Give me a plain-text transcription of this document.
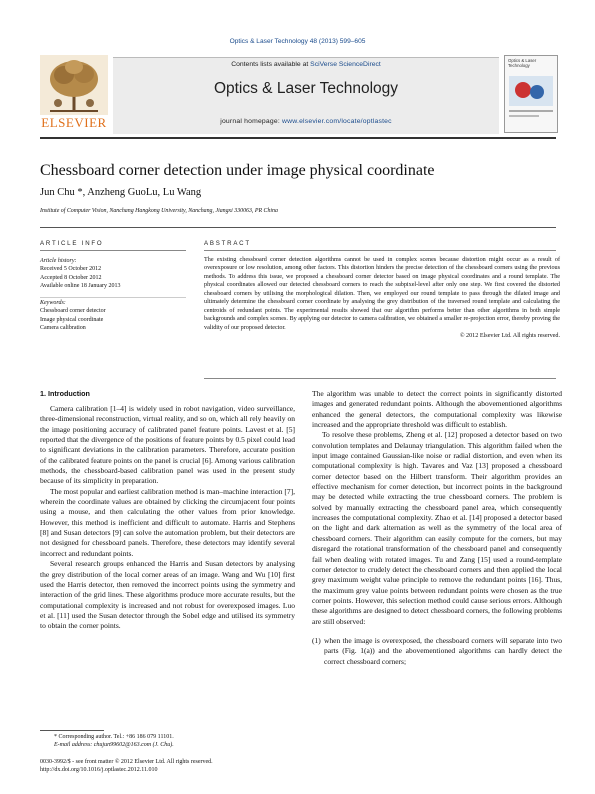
Optics & Laser Technology 48 (2013) 599–605
ELSEVIER
Contents lists available at SciVerse ScienceDirect
Optics & Laser Technology
journal homepage: www.elsevier.com/locate/optlastec
Optics & Laser Technology
Chessboard corner detection under image physical coordinate
Jun Chu *, Anzheng GuoLu, Lu Wang
Institute of Computer Vision, Nanchang Hangkong University, Nanchang, Jiangxi 330063, PR China
ARTICLE INFO
Article history:
Received 5 October 2012
Accepted 8 October 2012
Available online 18 January 2013
Keywords:
Chessboard corner detector
Image physical coordinate
Camera calibration
ABSTRACT
The existing chessboard corner detection algorithms cannot be used in complex scenes because distortion might occur as a result of overexposure or low resolution, among other factors. This distortion hinders the precise detection of the chessboard corners using the previous methods. To address this issue, we proposed a chessboard corner detector based on image physical coordinates and a round template. The physical coordinates allowed our detected chessboard corners to reach the subpixel-level after only one step. We first covered the distorted chessboard corners by utilising the morphological dilation. Then, we employed our round template to pass through the dilated image and ultimately determine the chessboard corner coordinate by analysing the grey distribution of the traversed round template and calculating the centroids of redundant points. The experimental results showed that our algorithm performs better than other algorithms in both simple backgrounds and complex scenes. By applying our detector to camera calibration, we obtained a smaller re-projection error, thereby proving the validity of our proposed detector.
© 2012 Elsevier Ltd. All rights reserved.
1. Introduction

Camera calibration [1–4] is widely used in robot navigation, video surveillance, three-dimensional reconstruction, virtual reality, and so on, which all rely heavily on the image positioning accuracy of calibrated panel feature points. Lavest et al. [5] reported that the divergence of the positions of feature points by 0.5 pixel could lead to significant deviations in the calibration parameters. Therefore, accurate position of the calibrated feature points on the panel is crucial [6]. Among various calibration methods, the chessboard-based calibration panel was used in the present study because of its simplicity in preparation.

The most popular and earliest calibration method is man–machine interaction [7], wherein the coordinate values are obtained by clicking the circumjacent four points using a mouse, and then calculating the other values from prior knowledge. However, this method is inefficient and difficult to automate. Harris and Stephens [8] and Susan detectors [9] can solve the automation problem, but their detectors are not designed for chessboard panels. Therefore, these detectors may identify several incorrect and redundant points.

Several research groups enhanced the Harris and Susan detectors by analysing the grey distribution of the local corner areas of an image. Wang and Wu [10] first used the Harris detector, then removed the incorrect points using the symmetry and interaction of the grid lines. These algorithms produce more accurate results, but the computational complexity is increased and not robust for overexposed images. Luo et al. [11] used the Susan detector through the Sobel edge and utilised its symmetry to obtain the corner points.

The algorithm was unable to detect the correct points in significantly distorted images and generated redundant points. Although the abovementioned algorithms enhanced the general detectors, the computational complexity was likewise increased and the appropriate threshold was difficult to establish.

To resolve these problems, Zheng et al. [12] proposed a detector based on two convolution templates and Delaunay triangulation. This algorithm failed when the input image contained Gaussian-like noise or radial distortion, and even when its computational complexity is high. Tavares and Vaz [13] proposed a chessboard corner detector based on the Hilbert transform. Their algorithm provides an effective mechanism for corner detection, but incorrect points in the background may be detected while extracting the true chessboard corners. The problem is solved by manually extracting the chessboard panel area, which consequently increases the computational complexity. Zhao et al. [14] proposed a detector based on the light and dark alternation as well as the symmetry of the local area of chessboard corners. Their algorithm can easily compute for the corners, but may disregard the rotational transformation of the chessboard panel and consequently fail when dealing with rotated images. Tu and Zang [15] used a round-template corner detector to crudely detect the chessboard corners and then applied the local grey maximum weight value principle to remove the redundant points [16]. Thus, the maximum grey value points between redundant points were chosen as the true corner points. However, this selection method could cause serious errors. Although these algorithms are designed to detect chessboard corners, the following problems are still observed:

(1) when the image is overexposed, the chessboard corners will separate into two parts (Fig. 1(a)) and the abovementioned algorithms can hardly detect the correct chessboard corners;
* Corresponding author. Tel.: +86 186 079 11101.
E-mail address: chujun99602@163.com (J. Chu).
0030-3992/$ - see front matter © 2012 Elsevier Ltd. All rights reserved.
http://dx.doi.org/10.1016/j.optlastec.2012.11.010
